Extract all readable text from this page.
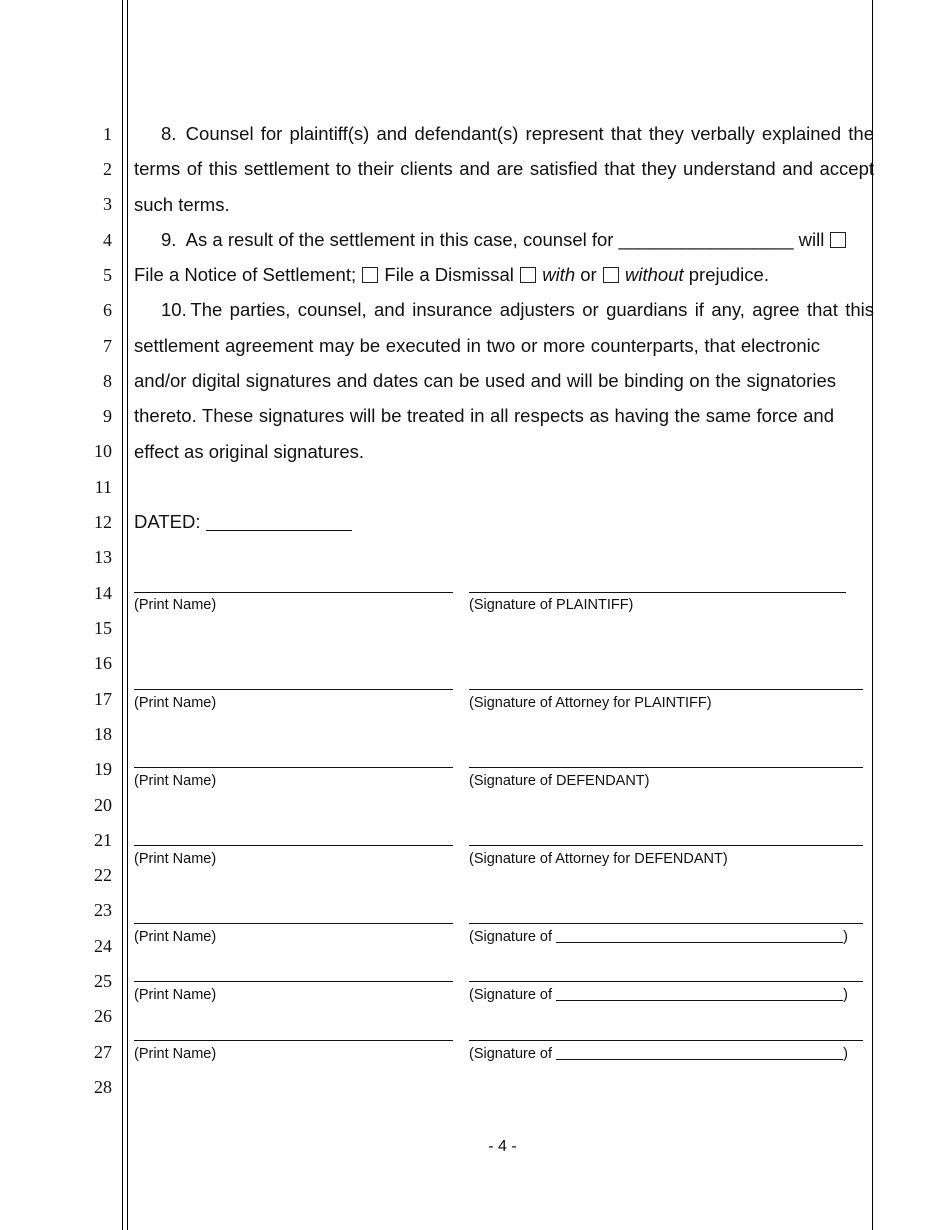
1
2
3
4
5
6
7
8
9
10
11
12
13
14
15
16
17
18
19
20
21
22
23
24
25
26
27
28
8. Counsel for plaintiff(s) and defendant(s) represent that they verbally explained the
terms of this settlement to their clients and are satisfied that they understand and accept
such terms.
9. As a result of the settlement in this case, counsel for _________________ will
File a Notice of Settlement; File a Dismissal with or without prejudice.
10. The parties, counsel, and insurance adjusters or guardians if any, agree that this
settlement agreement may be executed in two or more counterparts, that electronic
and/or digital signatures and dates can be used and will be binding on the signatories
thereto. These signatures will be treated in all respects as having the same force and
effect as original signatures.
DATED:
(Print Name)	(Signature of PLAINTIFF)
(Print Name)	(Signature of Attorney for PLAINTIFF)
(Print Name)	(Signature of DEFENDANT)
(Print Name)	(Signature of Attorney for DEFENDANT)
(Print Name)	(Signature of	)
(Print Name)	(Signature of	)
(Print Name)	(Signature of	)
- 4 -
